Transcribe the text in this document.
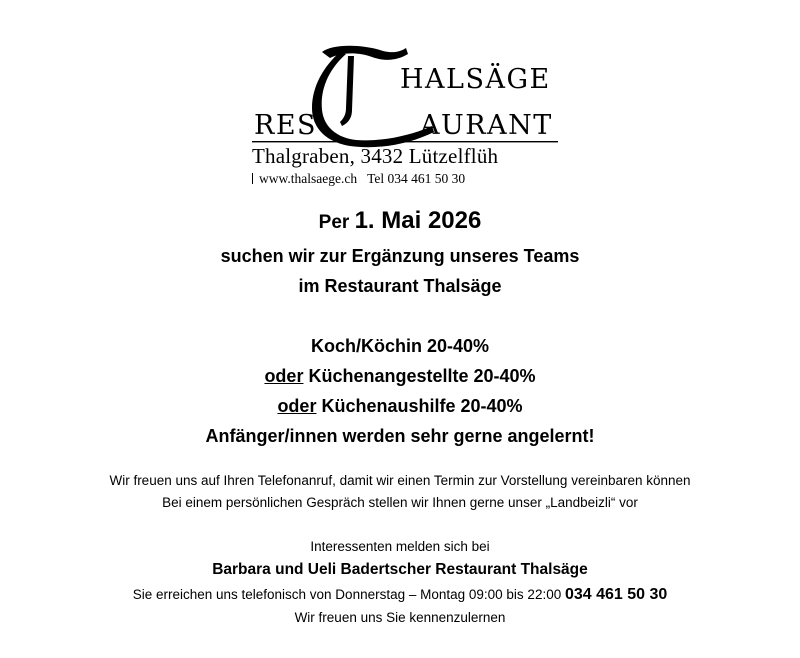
HALSÄGE
RES	AURANT
Thalgraben, 3432 Lützelflüh
www.thalsaege.ch Tel 034 461 50 30
Per 1. Mai 2026
suchen wir zur Ergänzung unseres Teams
im Restaurant Thalsäge
Koch/Köchin 20-40%
oder Küchenangestellte 20-40%
oder Küchenaushilfe 20-40%
Anfänger/innen werden sehr gerne angelernt!
Wir freuen uns auf Ihren Telefonanruf, damit wir einen Termin zur Vorstellung vereinbaren können
Bei einem persönlichen Gespräch stellen wir Ihnen gerne unser „Landbeizli“ vor
Interessenten melden sich bei
Barbara und Ueli Badertscher Restaurant Thalsäge
Sie erreichen uns telefonisch von Donnerstag – Montag 09:00 bis 22:00 034 461 50 30
Wir freuen uns Sie kennenzulernen
